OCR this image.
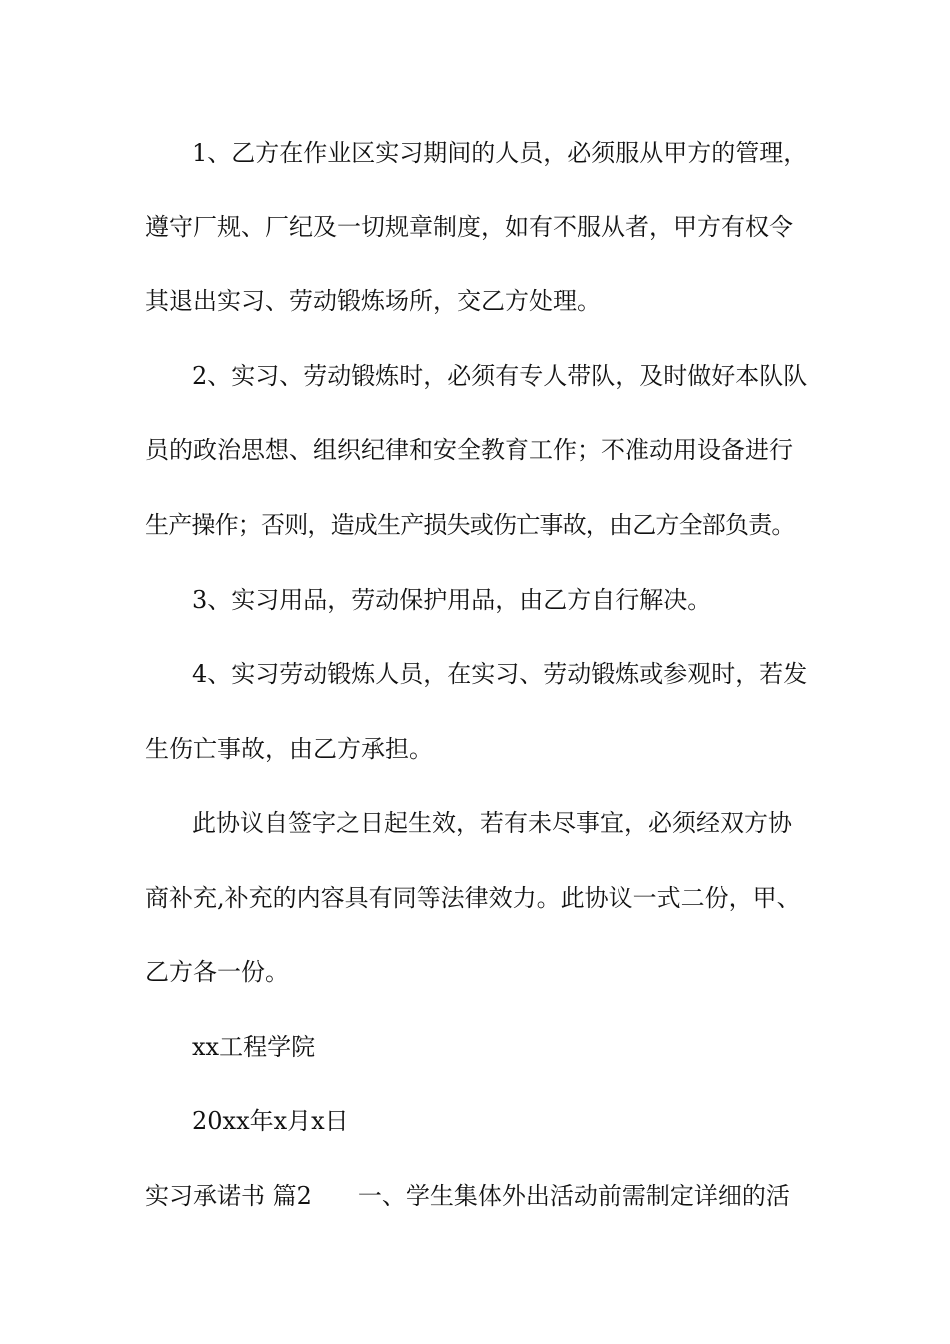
1、乙方在作业区实习期间的人员，必须服从甲方的管理，
遵守厂规、厂纪及一切规章制度，如有不服从者，甲方有权令
其退出实习、劳动锻炼场所，交乙方处理。
2、实习、劳动锻炼时，必须有专人带队，及时做好本队队
员的政治思想、组织纪律和安全教育工作；不准动用设备进行
生产操作；否则，造成生产损失或伤亡事故，由乙方全部负责。
3、实习用品，劳动保护用品，由乙方自行解决。
4、实习劳动锻炼人员，在实习、劳动锻炼或参观时，若发
生伤亡事故，由乙方承担。
此协议自签字之日起生效，若有未尽事宜，必须经双方协
商补充,补充的内容具有同等法律效力。此协议一式二份，甲、
乙方各一份。
xx工程学院
20xx年x月x日
实习承诺书 篇2 一、学生集体外出活动前需制定详细的活
